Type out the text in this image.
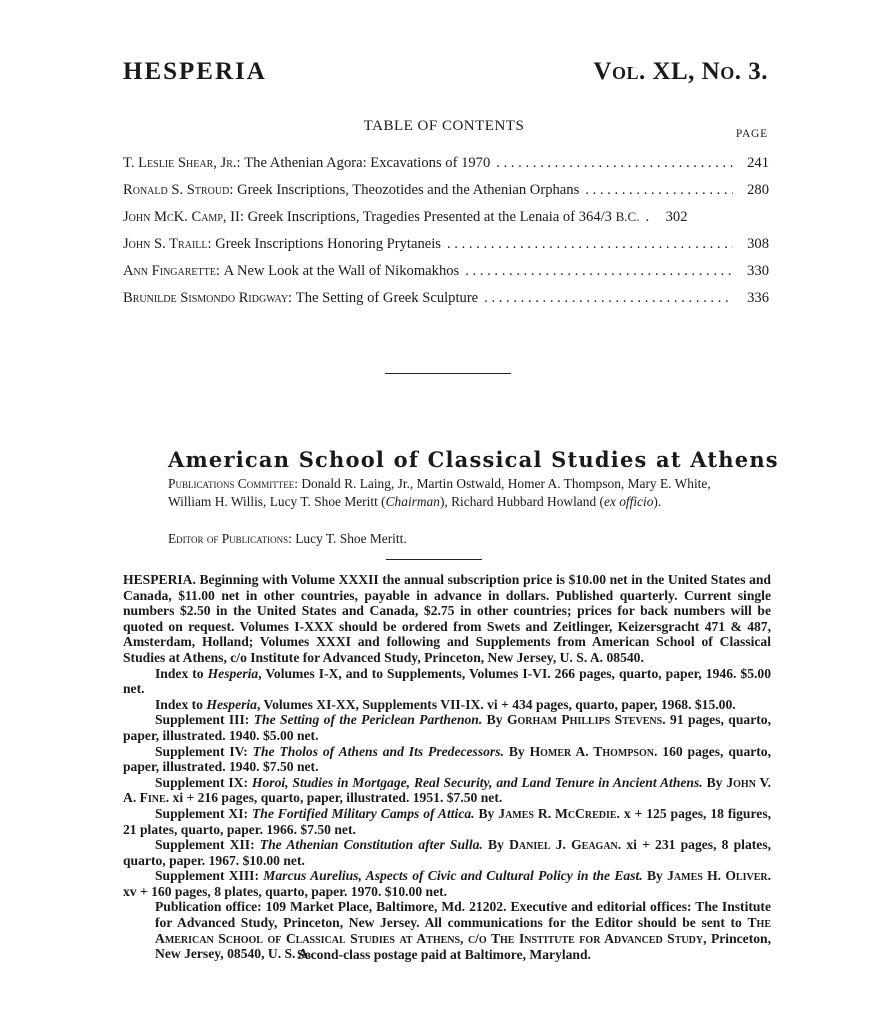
HESPERIA	Vol. XL, No. 3.
TABLE OF CONTENTS	PAGE
T. Leslie Shear, Jr.:
The Athenian Agora: Excavations of 1970 . . .	241
Ronald S. Stroud:
Greek Inscriptions, Theozotides and the Athenian Orphans . . .	280
John McK. Camp, II:
Greek Inscriptions, Tragedies Presented at the Lenaia of 364/3
B.C. . . .	302
John S. Traill:
Greek Inscriptions Honoring Prytaneis . . .	308
Ann Fingarette:
A New Look at the Wall of Nikomakhos . . .	330
Brunilde Sismondo Ridgway:
The Setting of Greek Sculpture . . .	336
American School of Classical Studies at Athens
Publications Committee: Donald R. Laing, Jr., Martin Ostwald, Homer A. Thompson, Mary E. White, William H. Willis, Lucy T. Shoe Meritt (Chairman), Richard Hubbard Howland (ex officio).
Editor of Publications: Lucy T. Shoe Meritt.

HESPERIA. Beginning with Volume XXXII the annual subscription price is $10.00 net in the United States and Canada, $11.00 net in other countries, payable in advance in dollars. Published quarterly. Current single numbers $2.50 in the United States and Canada, $2.75 in other countries; prices for back numbers will be quoted on request. Volumes I-XXX should be ordered from Swets and Zeitlinger, Keizersgracht 471 & 487, Amsterdam, Holland; Volumes XXXI and following and Supplements from American School of Classical Studies at Athens, c/o Institute for Advanced Study, Princeton, New Jersey, U. S. A. 08540.

Index to Hesperia, Volumes I-X, and to Supplements, Volumes I-VI. 266 pages, quarto, paper, 1946. $5.00 net.

Index to Hesperia, Volumes XI-XX, Supplements VII-IX. vi + 434 pages, quarto, paper, 1968. $15.00.

Supplement III: The Setting of the Periclean Parthenon. By Gorham Phillips Stevens. 91 pages, quarto, paper, illustrated. 1940. $5.00 net.

Supplement IV: The Tholos of Athens and Its Predecessors. By Homer A. Thompson. 160 pages, quarto, paper, illustrated. 1940. $7.50 net.

Supplement IX: Horoi, Studies in Mortgage, Real Security, and Land Tenure in Ancient Athens. By John V. A. Fine. xi + 216 pages, quarto, paper, illustrated. 1951. $7.50 net.

Supplement XI: The Fortified Military Camps of Attica. By James R. McCredie. x + 125 pages, 18 figures, 21 plates, quarto, paper. 1966. $7.50 net.

Supplement XII: The Athenian Constitution after Sulla. By Daniel J. Geagan. xi + 231 pages, 8 plates, quarto, paper. 1967. $10.00 net.

Supplement XIII: Marcus Aurelius, Aspects of Civic and Cultural Policy in the East. By James H. Oliver. xv + 160 pages, 8 plates, quarto, paper. 1970. $10.00 net.

Publication office: 109 Market Place, Baltimore, Md. 21202. Executive and editorial offices: The Institute for Advanced Study, Princeton, New Jersey. All communications for the Editor should be sent to The American School of Classical Studies at Athens, c/o The Institute for Advanced Study, Princeton, New Jersey, 08540, U. S. A.

Second-class postage paid at Baltimore, Maryland.
